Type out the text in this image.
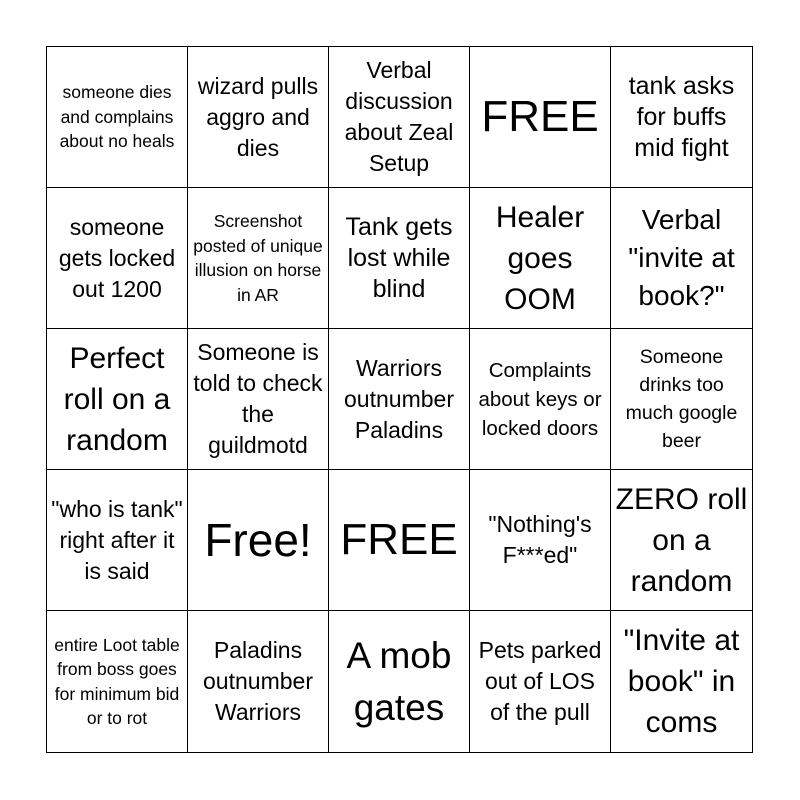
someone dies and complains about no heals
wizard pulls aggro and dies
Verbal discussion about Zeal Setup
FREE
tank asks for buffs mid fight
someone gets locked out 1200
Screenshot posted of unique illusion on horse in AR
Tank gets lost while blind
Healer goes OOM
Verbal "invite at book?"
Perfect roll on a random
Someone is told to check the guildmotd
Warriors outnumber Paladins
Complaints about keys or locked doors
Someone drinks too much google beer
"who is tank" right after it is said
Free! FREE	"Nothing's F***ed"
ZERO roll on a random
entire Loot table from boss goes for minimum bid or to rot
Paladins outnumber Warriors
A mob gates
Pets parked out of LOS of the pull
"Invite at book" in coms
